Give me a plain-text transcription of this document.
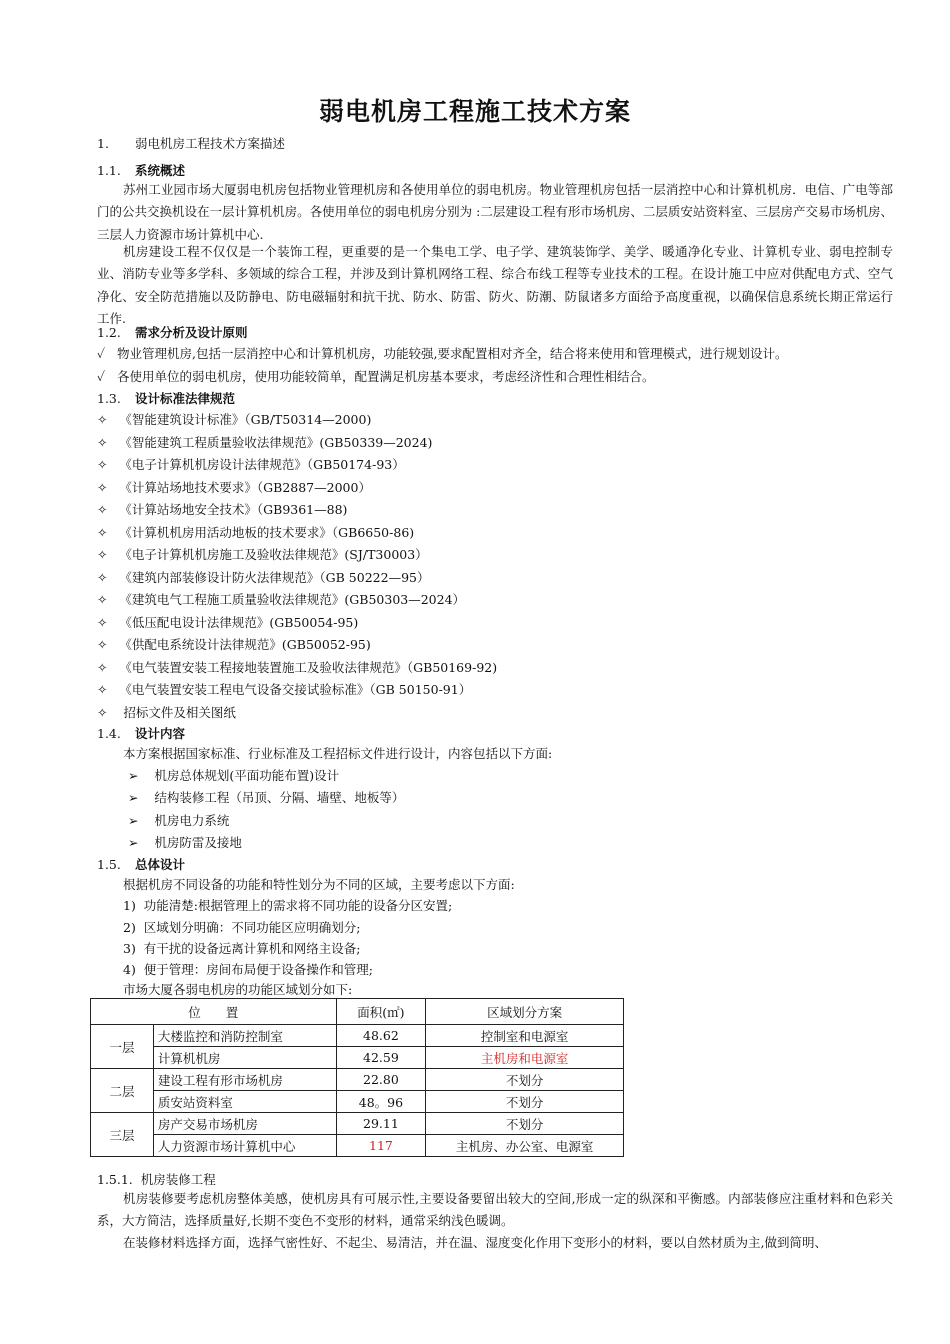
弱电机房工程施工技术方案
1. 弱电机房工程技术方案描述
1.1. 系统概述
苏州工业园市场大厦弱电机房包括物业管理机房和各使用单位的弱电机房。物业管理机房包括一层消控中心和计算机机房．电信、广电等部门的公共交换机设在一层计算机机房。各使用单位的弱电机房分别为 :二层建设工程有形市场机房、二层质安站资料室、三层房产交易市场机房、三层人力资源市场计算机中心.
机房建设工程不仅仅是一个装饰工程，更重要的是一个集电工学、电子学、建筑装饰学、美学、暖通净化专业、计算机专业、弱电控制专业、消防专业等多学科、多领域的综合工程，并涉及到计算机网络工程、综合布线工程等专业技术的工程。在设计施工中应对供配电方式、空气净化、安全防范措施以及防静电、防电磁辐射和抗干扰、防水、防雷、防火、防潮、防鼠诸多方面给予高度重视，以确保信息系统长期正常运行工作.
1.2. 需求分析及设计原则
✓ 物业管理机房,包括一层消控中心和计算机机房，功能较强,要求配置相对齐全，结合将来使用和管理模式，进行规划设计。
✓ 各使用单位的弱电机房，使用功能较简单，配置满足机房基本要求，考虑经济性和合理性相结合。
1.3. 设计标准法律规范
✧ 《智能建筑设计标准》（GB/T50314—2000)
✧ 《智能建筑工程质量验收法律规范》(GB50339—2024)
✧ 《电子计算机机房设计法律规范》（GB50174-93）
✧ 《计算站场地技术要求》（GB2887—2000）
✧ 《计算站场地安全技术》（GB9361—88)
✧ 《计算机机房用活动地板的技术要求》（GB6650-86)
✧ 《电子计算机机房施工及验收法律规范》(SJ/T30003）
✧ 《建筑内部装修设计防火法律规范》（GB 50222—95）
✧ 《建筑电气工程施工质量验收法律规范》(GB50303—2024）
✧ 《低压配电设计法律规范》(GB50054-95)
✧ 《供配电系统设计法律规范》(GB50052-95)
✧ 《电气装置安装工程接地装置施工及验收法律规范》（GB50169-92)
✧ 《电气装置安装工程电气设备交接试验标准》（GB 50150-91）
✧    招标文件及相关图纸
1.4. 设计内容
本方案根据国家标准、行业标准及工程招标文件进行设计，内容包括以下方面:
➢ 机房总体规划(平面功能布置)设计
➢ 结构装修工程（吊顶、分隔、墙壁、地板等）
➢ 机房电力系统
➢ 机房防雷及接地
1.5. 总体设计
根据机房不同设备的功能和特性划分为不同的区域，主要考虑以下方面:
1) 功能清楚:根据管理上的需求将不同功能的设备分区安置;
2) 区域划分明确：不同功能区应明确划分;
3) 有干扰的设备远离计算机和网络主设备;
4) 便于管理：房间布局便于设备操作和管理;
市场大厦各弱电机房的功能区域划分如下:
位　　置		面积(㎡)	区域划分方案
一层	大楼监控和消防控制室	48.62	控制室和电源室
	计算机机房	42.59	主机房和电源室
二层	建设工程有形市场机房	22.80	不划分
	质安站资料室	48。96	不划分
三层	房产交易市场机房	29.11	不划分
	人力资源市场计算机中心	117	主机房、办公室、电源室
1.5.1. 机房装修工程
机房装修要考虑机房整体美感，使机房具有可展示性,主要设备要留出较大的空间,形成一定的纵深和平衡感。内部装修应注重材料和色彩关系，大方简洁，选择质量好,长期不变色不变形的材料，通常采纳浅色暖调。
在装修材料选择方面，选择气密性好、不起尘、易清洁，并在温、湿度变化作用下变形小的材料，要以自然材质为主,做到简明、
